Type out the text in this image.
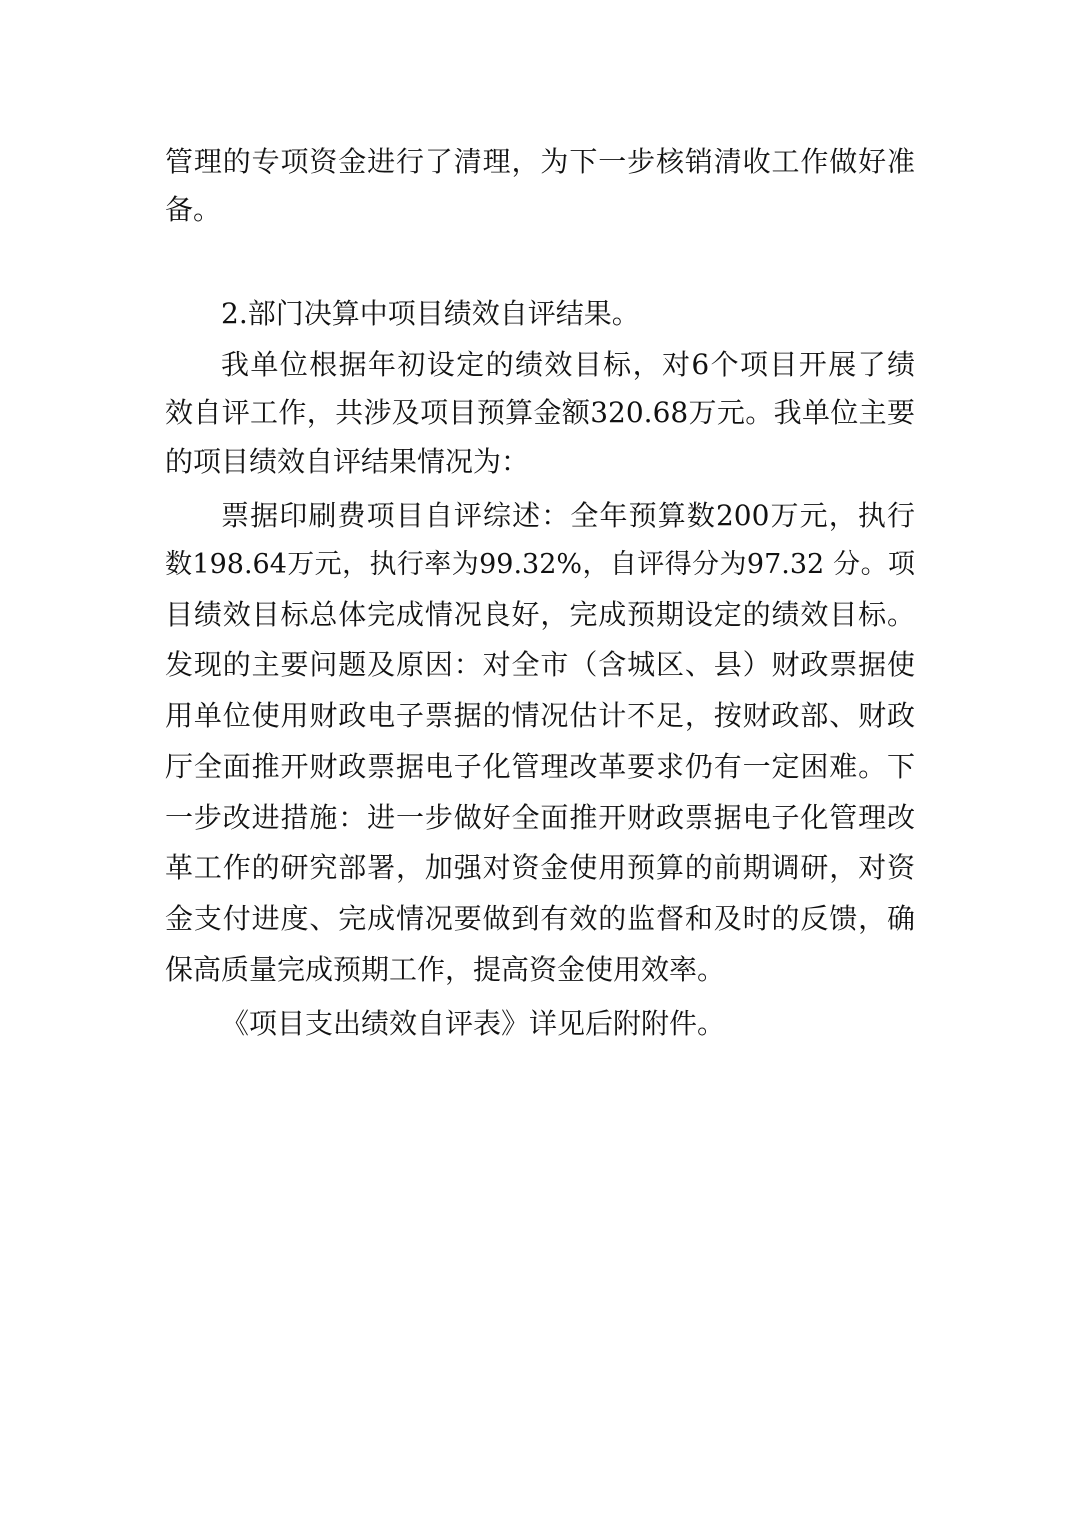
管理的专项资金进行了清理，为下一步核销清收工作做好准
备。
2.部门决算中项目绩效自评结果。
我单位根据年初设定的绩效目标，对6个项目开展了绩
效自评工作，共涉及项目预算金额320.68万元。我单位主要
的项目绩效自评结果情况为：
票据印刷费项目自评综述：全年预算数200万元，执行
数198.64万元，执行率为99.32%，自评得分为97.32 分。项
目绩效目标总体完成情况良好，完成预期设定的绩效目标。
发现的主要问题及原因：对全市（含城区、县）财政票据使
用单位使用财政电子票据的情况估计不足，按财政部、财政
厅全面推开财政票据电子化管理改革要求仍有一定困难。下
一步改进措施：进一步做好全面推开财政票据电子化管理改
革工作的研究部署，加强对资金使用预算的前期调研，对资
金支付进度、完成情况要做到有效的监督和及时的反馈，确
保高质量完成预期工作，提高资金使用效率。
《项目支出绩效自评表》详见后附附件。
